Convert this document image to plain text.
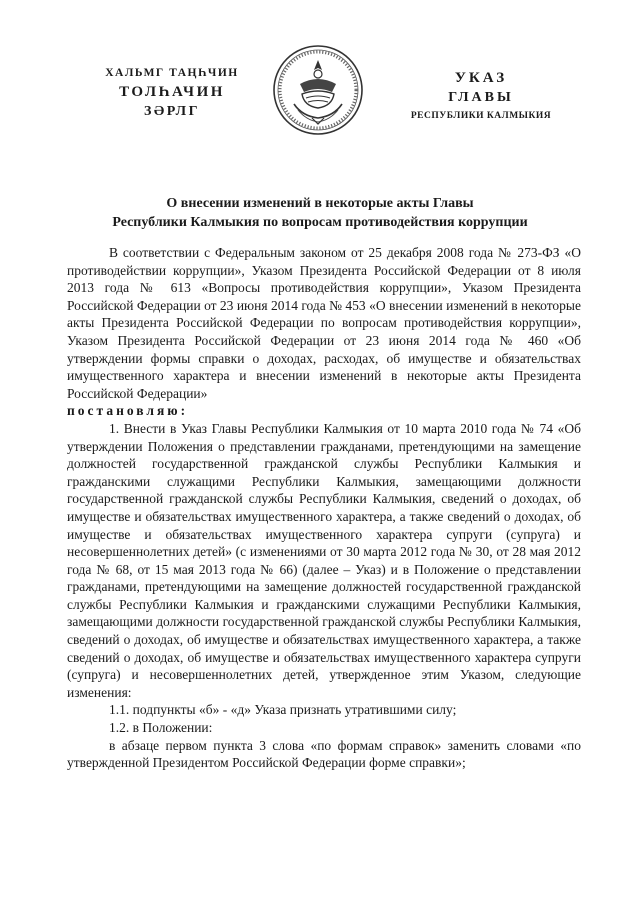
ХАЛЬМГ ТАҢҺЧИН
ТОЛҺАЧИН
ЗӘРЛГ
УКАЗ
ГЛАВЫ
РЕСПУБЛИКИ КАЛМЫКИЯ
О внесении изменений в некоторые акты Главы
Республики Калмыкия по вопросам противодействия коррупции

В соответствии с Федеральным законом от 25 декабря 2008 года № 273-ФЗ «О противодействии коррупции», Указом Президента Российской Федерации от 8 июля 2013 года № 613 «Вопросы противодействия коррупции», Указом Президента Российской Федерации от 23 июня 2014 года № 453 «О внесении изменений в некоторые акты Президента Российской Федерации по вопросам противодействия коррупции», Указом Президента Российской Федерации от 23 июня 2014 года № 460 «Об утверждении формы справки о доходах, расходах, об имуществе и обязательствах имущественного характера и внесении изменений в некоторые акты Президента Российской Федерации»

постановляю:

1. Внести в Указ Главы Республики Калмыкия от 10 марта 2010 года № 74 «Об утверждении Положения о представлении гражданами, претендующими на замещение должностей государственной гражданской службы Республики Калмыкия и гражданскими служащими Республики Калмыкия, замещающими должности государственной гражданской службы Республики Калмыкия, сведений о доходах, об имуществе и обязательствах имущественного характера, а также сведений о доходах, об имуществе и обязательствах имущественного характера супруги (супруга) и несовершеннолетних детей» (с изменениями от 30 марта 2012 года № 30, от 28 мая 2012 года № 68, от 15 мая 2013 года № 66) (далее – Указ) и в Положение о представлении гражданами, претендующими на замещение должностей государственной гражданской службы Республики Калмыкия и гражданскими служащими Республики Калмыкия, замещающими должности государственной гражданской службы Республики Калмыкия, сведений о доходах, об имуществе и обязательствах имущественного характера, а также сведений о доходах, об имуществе и обязательствах имущественного характера супруги (супруга) и несовершеннолетних детей, утвержденное этим Указом, следующие изменения:

1.1. подпункты «б» - «д» Указа признать утратившими силу;

1.2. в Положении:

в абзаце первом пункта 3 слова «по формам справок» заменить словами «по утвержденной Президентом Российской Федерации форме справки»;
